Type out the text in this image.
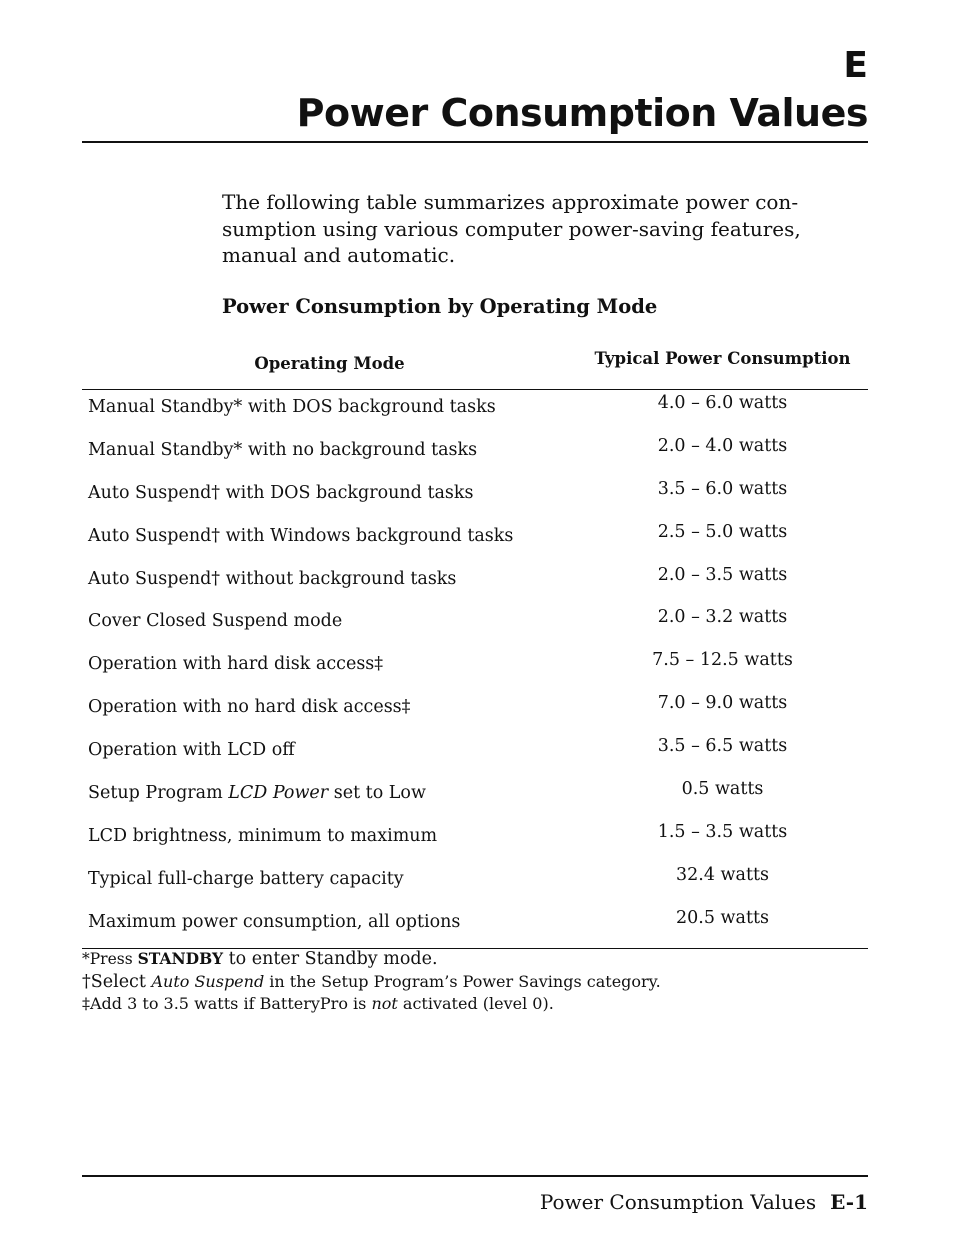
E
Power Consumption Values

The following table summarizes approximate power con-
sumption using various computer power-saving features,
manual and automatic.

Power Consumption by Operating Mode
Operating Mode	Typical Power Consumption
Manual Standby* with DOS background tasks	4.0 – 6.0 watts
Manual Standby* with no background tasks	2.0 – 4.0 watts
Auto Suspend† with DOS background tasks	3.5 – 6.0 watts
Auto Suspend† with Windows background tasks	2.5 – 5.0 watts
Auto Suspend† without background tasks	2.0 – 3.5 watts
Cover Closed Suspend mode	2.0 – 3.2 watts
Operation with hard disk access‡	7.5 – 12.5 watts
Operation with no hard disk access‡	7.0 – 9.0 watts
Operation with LCD off	3.5 – 6.5 watts
Setup Program LCD Power set to Low	0.5 watts
LCD brightness, minimum to maximum	1.5 – 3.5 watts
Typical full-charge battery capacity	32.4 watts
Maximum power consumption, all options	20.5 watts
*Press STANDBY to enter Standby mode.
†Select Auto Suspend in the Setup Program’s Power Savings category.
‡Add 3 to 3.5 watts if BatteryPro is not activated (level 0).
Power Consumption Values E-1
